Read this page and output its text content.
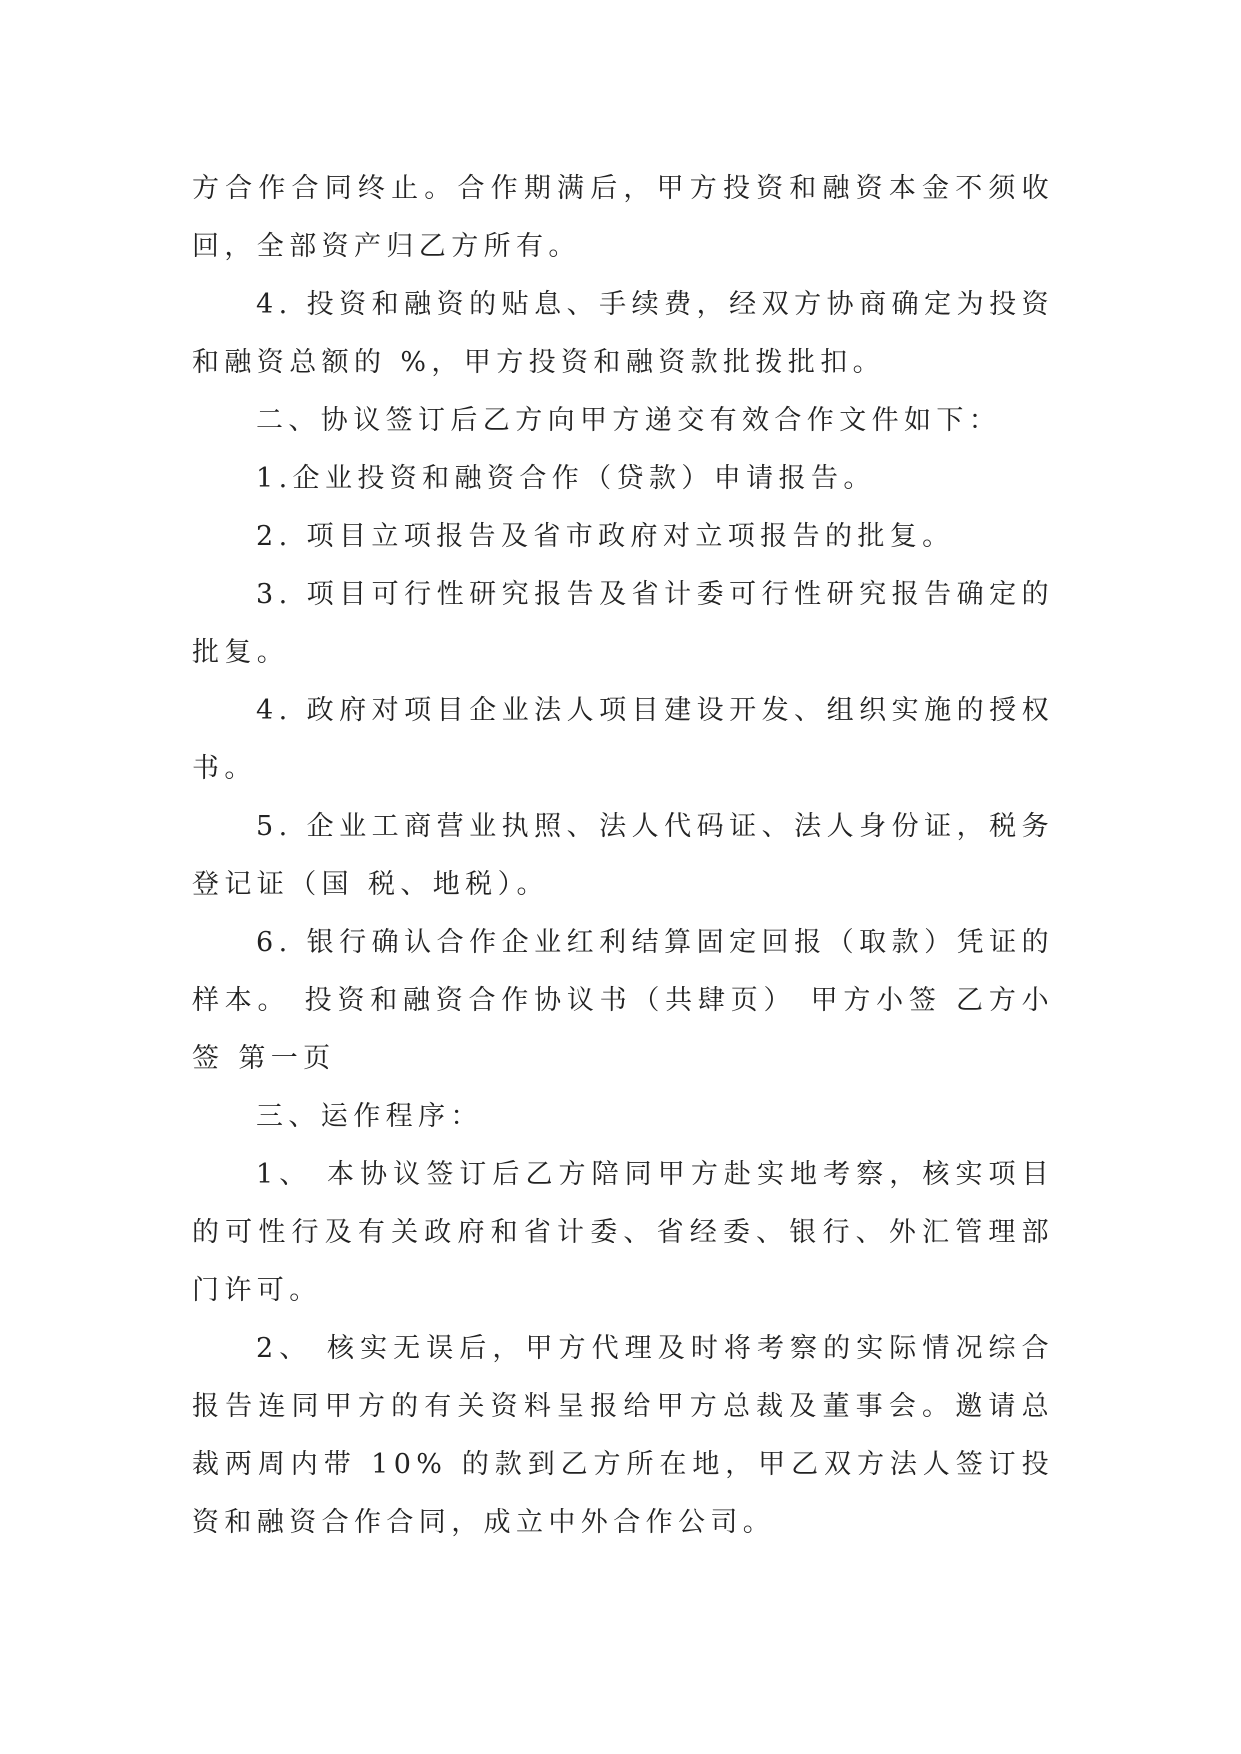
方合作合同终止。合作期满后，甲方投资和融资本金不须收回，全部资产归乙方所有。

4. 投资和融资的贴息、手续费，经双方协商确定为投资和融资总额的 %，甲方投资和融资款批拨批扣。

二、协议签订后乙方向甲方递交有效合作文件如下：

1.企业投资和融资合作（贷款）申请报告。

2. 项目立项报告及省市政府对立项报告的批复。

3. 项目可行性研究报告及省计委可行性研究报告确定的批复。

4. 政府对项目企业法人项目建设开发、组织实施的授权书。

5. 企业工商营业执照、法人代码证、法人身份证，税务登记证（国 税、地税）。

6. 银行确认合作企业红利结算固定回报（取款）凭证的样本。 投资和融资合作协议书（共肆页） 甲方小签 乙方小签 第一页

三、运作程序：

1、 本协议签订后乙方陪同甲方赴实地考察，核实项目的可性行及有关政府和省计委、省经委、银行、外汇管理部门许可。

2、 核实无误后，甲方代理及时将考察的实际情况综合报告连同甲方的有关资料呈报给甲方总裁及董事会。邀请总裁两周内带 10% 的款到乙方所在地，甲乙双方法人签订投资和融资合作合同，成立中外合作公司。
